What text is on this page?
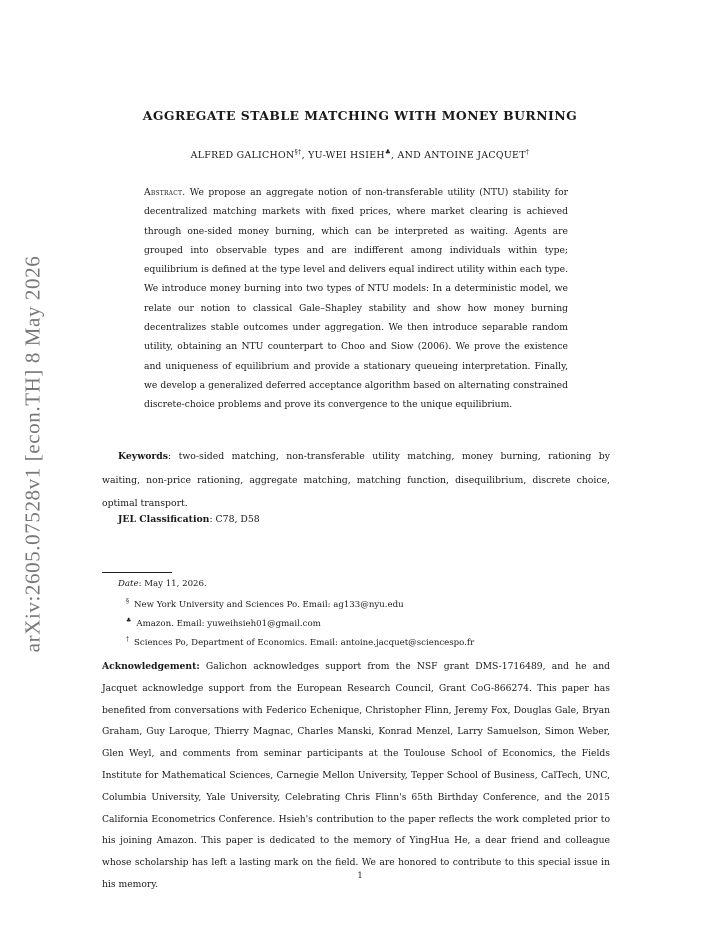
arXiv:2605.07528v1 [econ.TH] 8 May 2026
AGGREGATE STABLE MATCHING WITH MONEY BURNING
ALFRED GALICHON§†, YU-WEI HSIEH♣, AND ANTOINE JACQUET†
Abstract. We propose an aggregate notion of non-transferable utility (NTU) stability for decentralized matching markets with fixed prices, where market clearing is achieved through one-sided money burning, which can be interpreted as waiting. Agents are grouped into observable types and are indifferent among individuals within type; equilibrium is defined at the type level and delivers equal indirect utility within each type. We introduce money burning into two types of NTU models: In a deterministic model, we relate our notion to classical Gale–Shapley stability and show how money burning decentralizes stable outcomes under aggregation. We then introduce separable random utility, obtaining an NTU counterpart to Choo and Siow (2006). We prove the existence and uniqueness of equilibrium and provide a stationary queueing interpretation. Finally, we develop a generalized deferred acceptance algorithm based on alternating constrained discrete-choice problems and prove its convergence to the unique equilibrium.
Keywords: two-sided matching, non-transferable utility matching, money burning, rationing by waiting, non-price rationing, aggregate matching, matching function, disequilibrium, discrete choice, optimal transport.
JEL Classification: C78, D58
Date: May 11, 2026.
§ New York University and Sciences Po. Email: ag133@nyu.edu
♣ Amazon. Email: yuweihsieh01@gmail.com
† Sciences Po, Department of Economics. Email: antoine.jacquet@sciencespo.fr
Acknowledgement: Galichon acknowledges support from the NSF grant DMS-1716489, and he and Jacquet acknowledge support from the European Research Council, Grant CoG-866274. This paper has benefited from conversations with Federico Echenique, Christopher Flinn, Jeremy Fox, Douglas Gale, Bryan Graham, Guy Laroque, Thierry Magnac, Charles Manski, Konrad Menzel, Larry Samuelson, Simon Weber, Glen Weyl, and comments from seminar participants at the Toulouse School of Economics, the Fields Institute for Mathematical Sciences, Carnegie Mellon University, Tepper School of Business, CalTech, UNC, Columbia University, Yale University, Celebrating Chris Flinn's 65th Birthday Conference, and the 2015 California Econometrics Conference. Hsieh's contribution to the paper reflects the work completed prior to his joining Amazon. This paper is dedicated to the memory of YingHua He, a dear friend and colleague whose scholarship has left a lasting mark on the field. We are honored to contribute to this special issue in his memory.
1
